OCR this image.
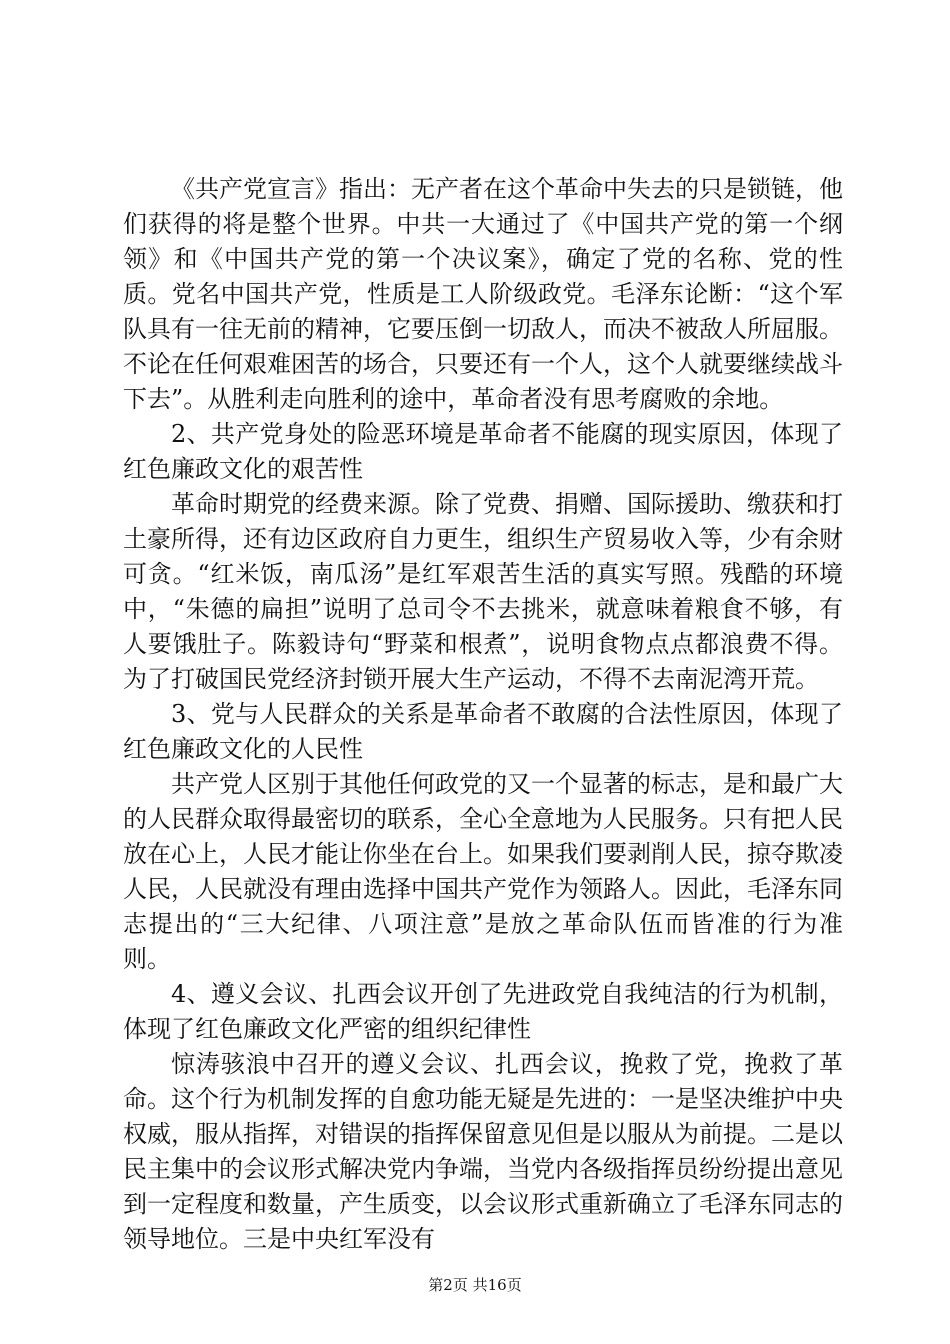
《共产党宣言》指出：无产者在这个革命中失去的只是锁链，他们获得的将是整个世界。中共一大通过了《中国共产党的第一个纲领》和《中国共产党的第一个决议案》，确定了党的名称、党的性质。党名中国共产党，性质是工人阶级政党。毛泽东论断：“这个军队具有一往无前的精神，它要压倒一切敌人，而决不被敌人所屈服。不论在任何艰难困苦的场合，只要还有一个人，这个人就要继续战斗下去”。从胜利走向胜利的途中，革命者没有思考腐败的余地。

2、共产党身处的险恶环境是革命者不能腐的现实原因，体现了红色廉政文化的艰苦性

革命时期党的经费来源。除了党费、捐赠、国际援助、缴获和打土豪所得，还有边区政府自力更生，组织生产贸易收入等，少有余财可贪。“红米饭，南瓜汤”是红军艰苦生活的真实写照。残酷的环境中，“朱德的扁担”说明了总司令不去挑米，就意味着粮食不够，有人要饿肚子。陈毅诗句“野菜和根煮”，说明食物点点都浪费不得。为了打破国民党经济封锁开展大生产运动，不得不去南泥湾开荒。

3、党与人民群众的关系是革命者不敢腐的合法性原因，体现了红色廉政文化的人民性

共产党人区别于其他任何政党的又一个显著的标志，是和最广大的人民群众取得最密切的联系，全心全意地为人民服务。只有把人民放在心上，人民才能让你坐在台上。如果我们要剥削人民，掠夺欺凌人民，人民就没有理由选择中国共产党作为领路人。因此，毛泽东同志提出的“三大纪律、八项注意”是放之革命队伍而皆准的行为准则。

4、遵义会议、扎西会议开创了先进政党自我纯洁的行为机制，体现了红色廉政文化严密的组织纪律性

惊涛骇浪中召开的遵义会议、扎西会议，挽救了党，挽救了革命。这个行为机制发挥的自愈功能无疑是先进的：一是坚决维护中央权威，服从指挥，对错误的指挥保留意见但是以服从为前提。二是以民主集中的会议形式解决党内争端，当党内各级指挥员纷纷提出意见到一定程度和数量，产生质变，以会议形式重新确立了毛泽东同志的领导地位。三是中央红军没有

第2页 共16页
